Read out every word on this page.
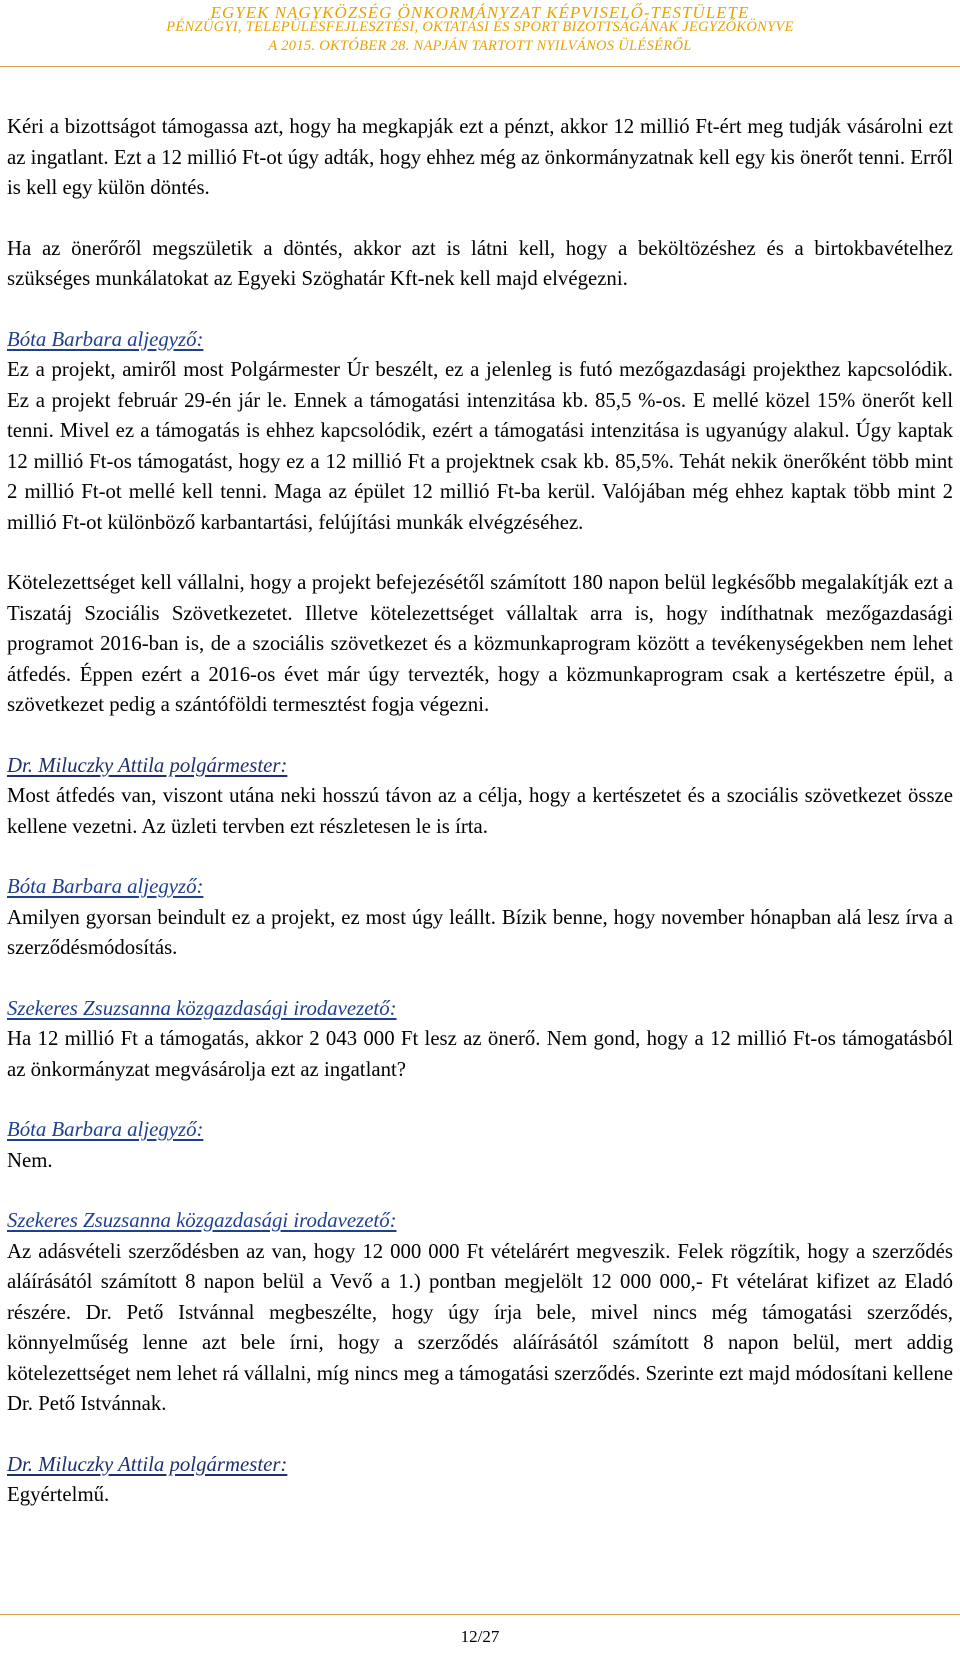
EGYEK NAGYKÖZSÉG ÖNKORMÁNYZAT KÉPVISELŐ-TESTÜLETE
PÉNZÜGYI, TELEPÜLÉSFEJLESZTÉSI, OKTATÁSI ÉS SPORT BIZOTTSÁGÁNAK JEGYZŐKÖNYVE
A 2015. OKTÓBER 28. NAPJÁN TARTOTT NYILVÁNOS ÜLÉSÉRŐL

Kéri a bizottságot támogassa azt, hogy ha megkapják ezt a pénzt, akkor 12 millió Ft-ért meg tudják vásárolni ezt az ingatlant. Ezt a 12 millió Ft-ot úgy adták, hogy ehhez még az önkormányzatnak kell egy kis önerőt tenni. Erről is kell egy külön döntés.

Ha az önerőről megszületik a döntés, akkor azt is látni kell, hogy a beköltözéshez és a birtokbavételhez szükséges munkálatokat az Egyeki Szöghatár Kft-nek kell majd elvégezni.

Bóta Barbara aljegyző:

Ez a projekt, amiről most Polgármester Úr beszélt, ez a jelenleg is futó mezőgazdasági projekthez kapcsolódik. Ez a projekt február 29-én jár le. Ennek a támogatási intenzitása kb. 85,5 %-os. E mellé közel 15% önerőt kell tenni. Mivel ez a támogatás is ehhez kapcsolódik, ezért a támogatási intenzitása is ugyanúgy alakul. Úgy kaptak 12 millió Ft-os támogatást, hogy ez a 12 millió Ft a projektnek csak kb. 85,5%. Tehát nekik önerőként több mint 2 millió Ft-ot mellé kell tenni. Maga az épület 12 millió Ft-ba kerül. Valójában még ehhez kaptak több mint 2 millió Ft-ot különböző karbantartási, felújítási munkák elvégzéséhez.

Kötelezettséget kell vállalni, hogy a projekt befejezésétől számított 180 napon belül legkésőbb megalakítják ezt a Tiszatáj Szociális Szövetkezetet. Illetve kötelezettséget vállaltak arra is, hogy indíthatnak mezőgazdasági programot 2016-ban is, de a szociális szövetkezet és a közmunkaprogram között a tevékenységekben nem lehet átfedés. Éppen ezért a 2016-os évet már úgy tervezték, hogy a közmunkaprogram csak a kertészetre épül, a szövetkezet pedig a szántóföldi termesztést fogja végezni.

Dr. Miluczky Attila polgármester:

Most átfedés van, viszont utána neki hosszú távon az a célja, hogy a kertészetet és a szociális szövetkezet össze kellene vezetni. Az üzleti tervben ezt részletesen le is írta.

Bóta Barbara aljegyző:

Amilyen gyorsan beindult ez a projekt, ez most úgy leállt. Bízik benne, hogy november hónapban alá lesz írva a szerződésmódosítás.

Szekeres Zsuzsanna közgazdasági irodavezető:

Ha 12 millió Ft a támogatás, akkor 2 043 000 Ft lesz az önerő. Nem gond, hogy a 12 millió Ft-os támogatásból az önkormányzat megvásárolja ezt az ingatlant?

Bóta Barbara aljegyző:

Nem.

Szekeres Zsuzsanna közgazdasági irodavezető:

Az adásvételi szerződésben az van, hogy 12 000 000 Ft vételárért megveszik. Felek rögzítik, hogy a szerződés aláírásától számított 8 napon belül a Vevő a 1.) pontban megjelölt 12 000 000,- Ft vételárat kifizet az Eladó részére. Dr. Pető Istvánnal megbeszélte, hogy úgy írja bele, mivel nincs még támogatási szerződés, könnyelműség lenne azt bele írni, hogy a szerződés aláírásától számított 8 napon belül, mert addig kötelezettséget nem lehet rá vállalni, míg nincs meg a támogatási szerződés. Szerinte ezt majd módosítani kellene Dr. Pető Istvánnak.

Dr. Miluczky Attila polgármester:

Egyértelmű.

12/27
